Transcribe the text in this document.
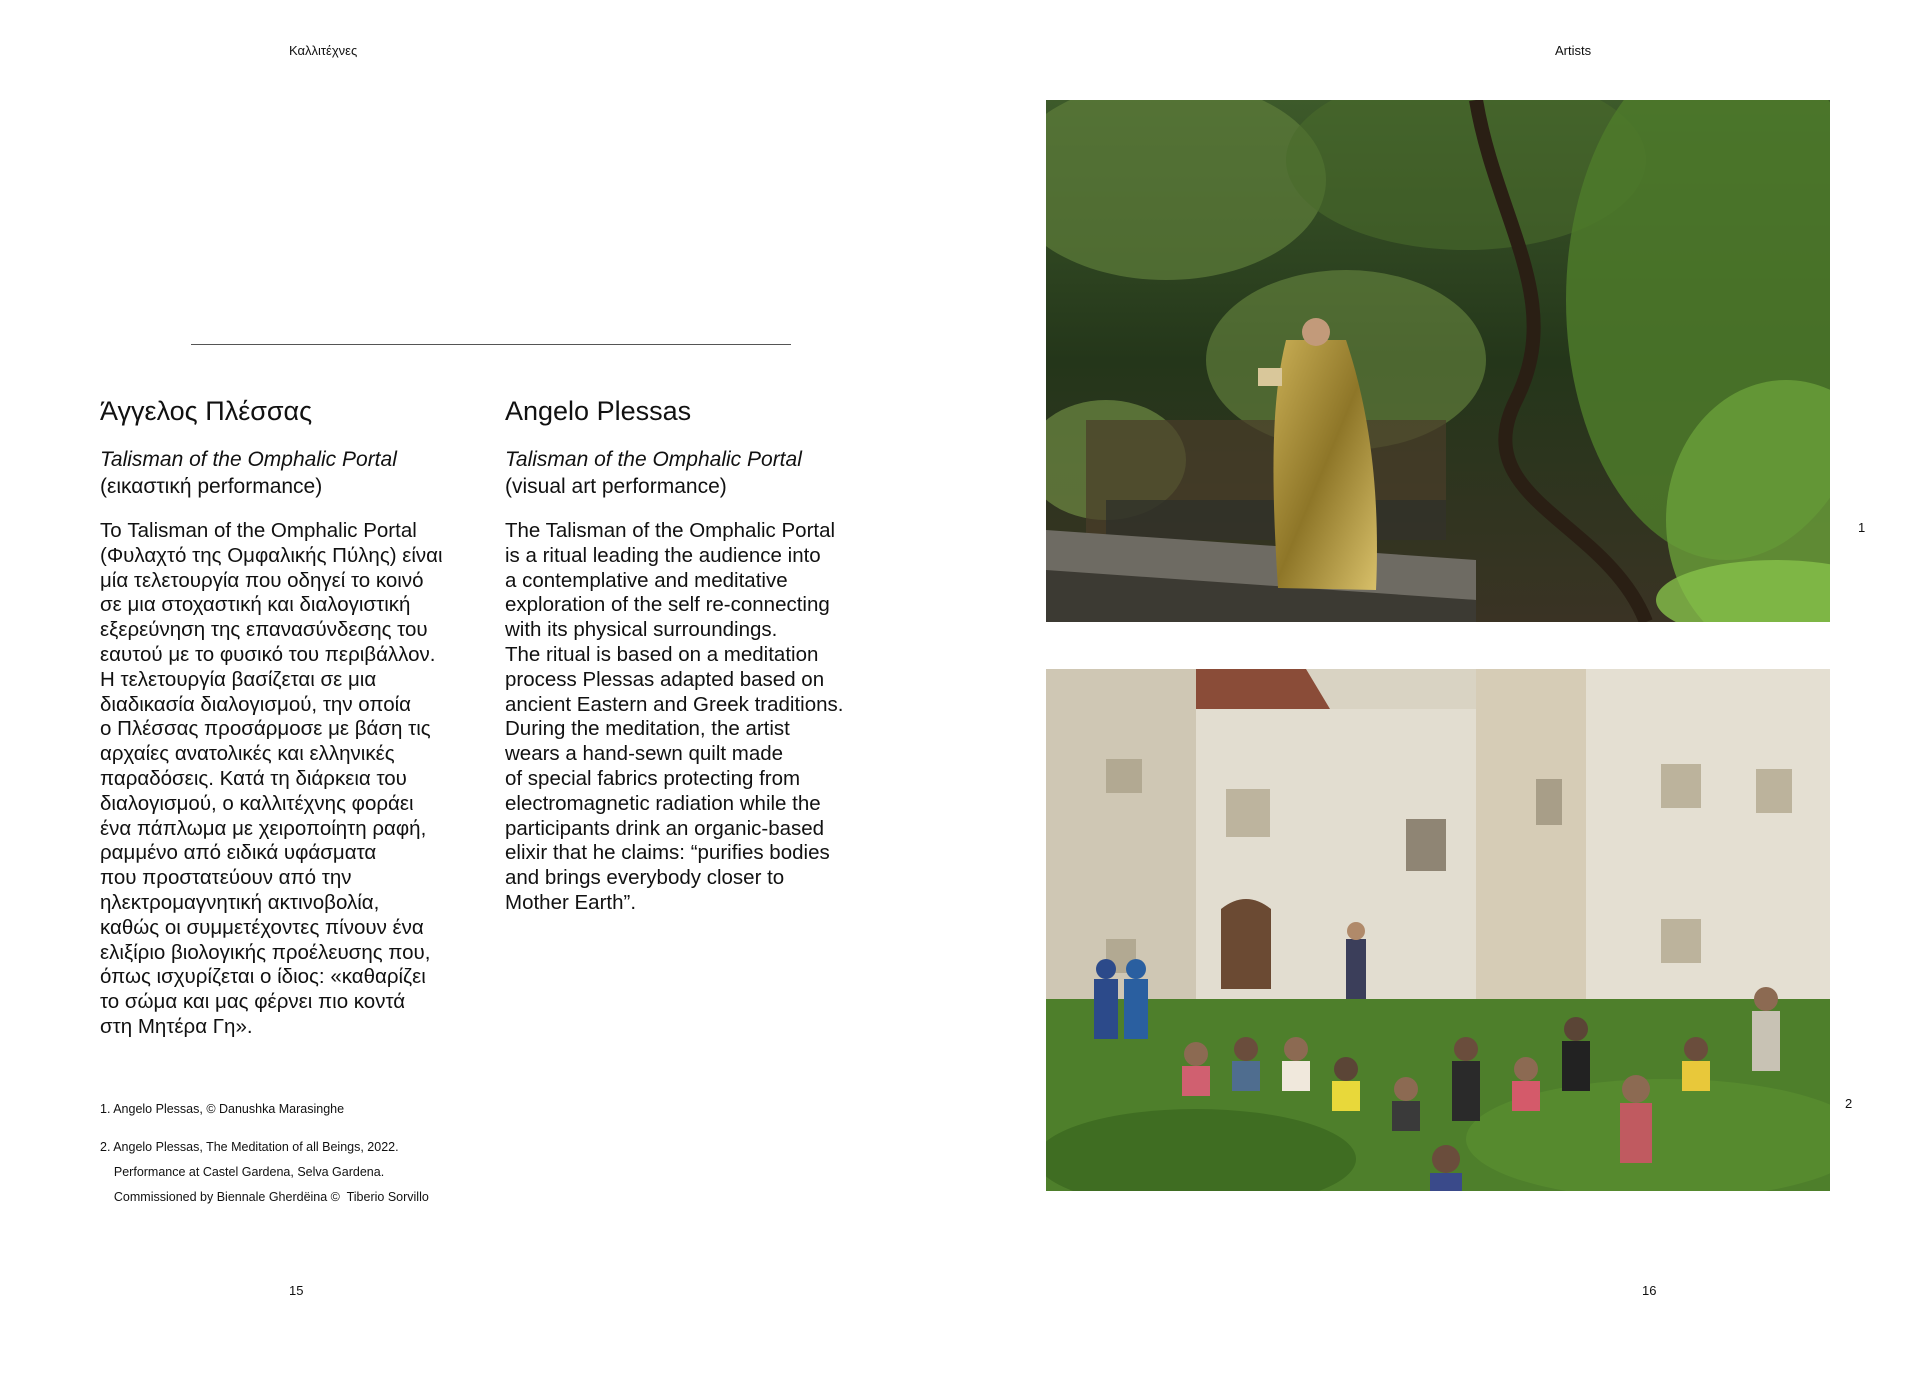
Καλλιτέχνες	Artists
Άγγελος Πλέσσας
Talisman of the Omphalic Portal
(εικαστική performance)
Το Talisman of the Omphalic Portal
(Φυλαχτό της Ομφαλικής Πύλης) είναι
μία τελετουργία που οδηγεί το κοινό
σε μια στοχαστική και διαλογιστική
εξερεύνηση της επανασύνδεσης του
εαυτού με το φυσικό του περιβάλλον.
Η τελετουργία βασίζεται σε μια
διαδικασία διαλογισμού, την οποία
ο Πλέσσας προσάρμοσε με βάση τις
αρχαίες ανατολικές και ελληνικές
παραδόσεις. Κατά τη διάρκεια του
διαλογισμού, ο καλλιτέχνης φοράει
ένα πάπλωμα με χειροποίητη ραφή,
ραμμένο από ειδικά υφάσματα
που προστατεύουν από την
ηλεκτρομαγνητική ακτινοβολία,
καθώς οι συμμετέχοντες πίνουν ένα
ελιξίριο βιολογικής προέλευσης που,
όπως ισχυρίζεται ο ίδιος: «καθαρίζει
το σώμα και μας φέρνει πιο κοντά
στη Μητέρα Γη».
Angelo Plessas
Talisman of the Omphalic Portal
(visual art performance)
The Talisman of the Omphalic Portal
is a ritual leading the audience into
a contemplative and meditative
exploration of the self re-connecting
with its physical surroundings.
The ritual is based on a meditation
process Plessas adapted based on
ancient Eastern and Greek traditions.
During the meditation, the artist
wears a hand-sewn quilt made
of special fabrics protecting from
electromagnetic radiation while the
participants drink an organic-based
elixir that he claims: “purifies bodies
and brings everybody closer to
Mother Earth”.
1. Angelo Plessas, © Danushka Marasinghe
2. Angelo Plessas, The Meditation of all Beings, 2022.
Performance at Castel Gardena, Selva Gardena.
Commissioned by Biennale Gherdëina ©  Tiberio Sorvillo
1
2
15	16
